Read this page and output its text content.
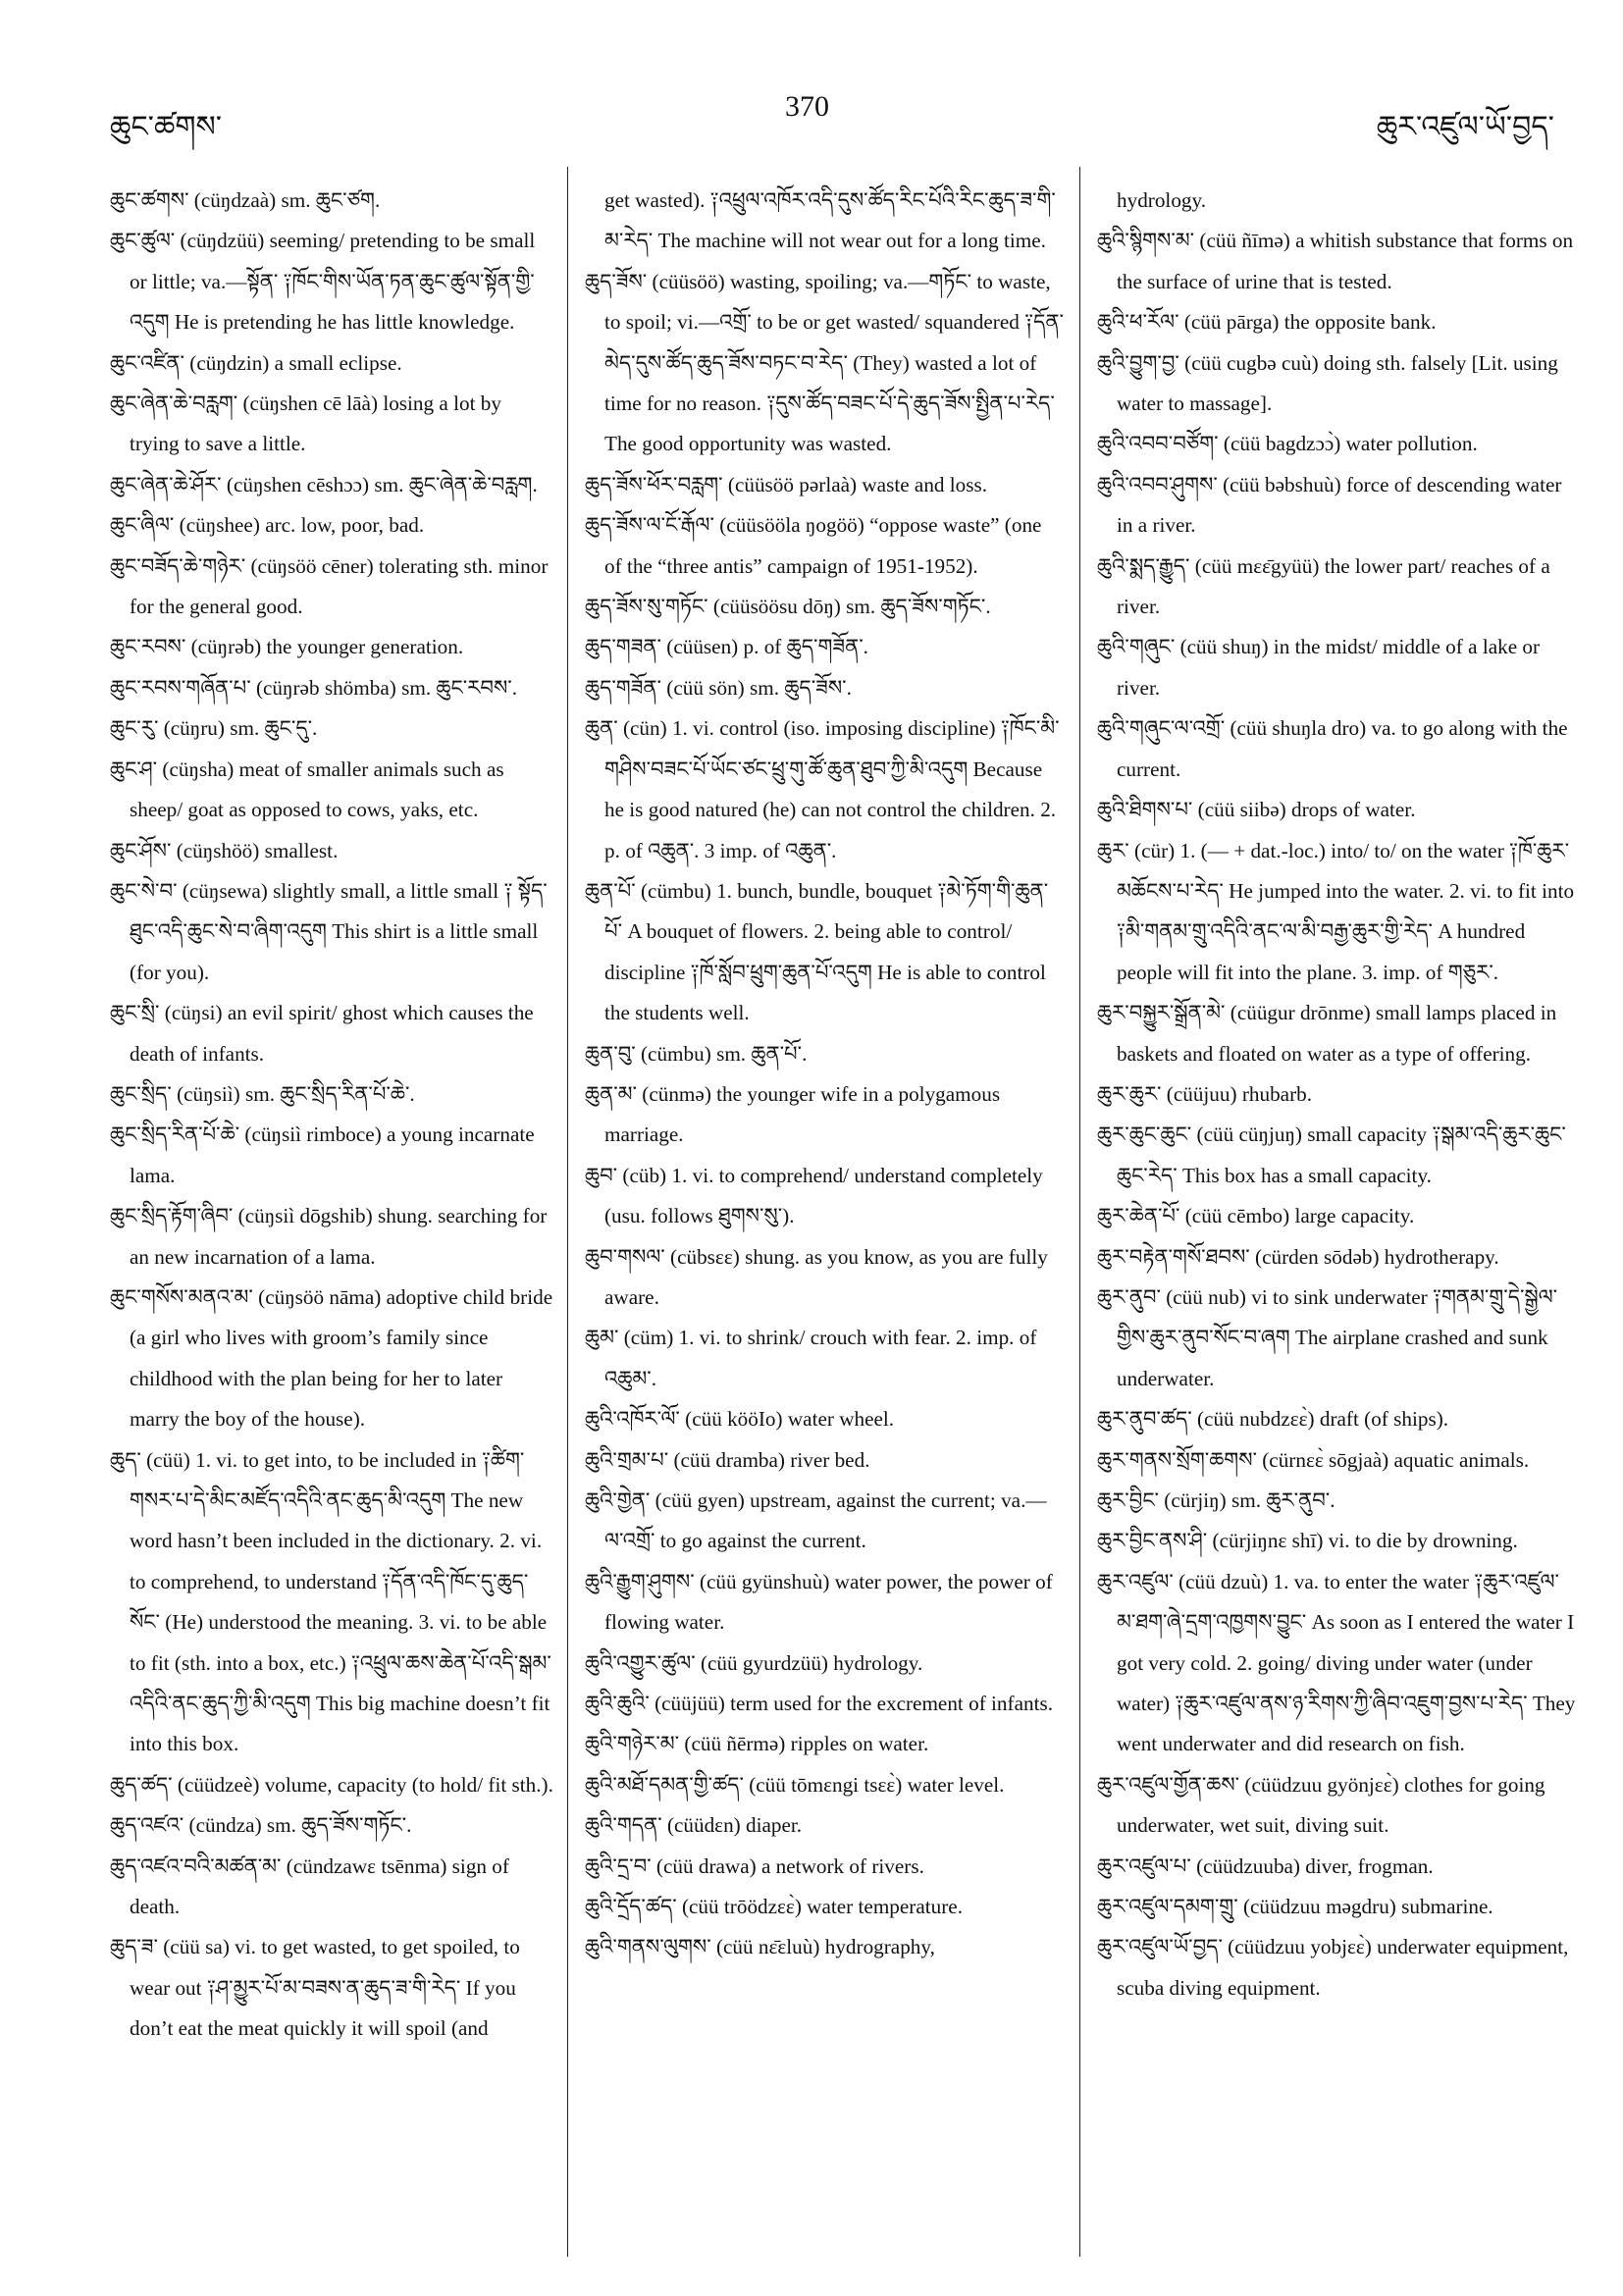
ཆུང་ཚགས་
370
ཆུར་འཛུལ་ཡོ་བྱད་

ཆུང་ཚགས་ (cüŋdzaà) sm. ཆུང་ཙག.

ཆུང་ཚུལ་ (cüŋdzüü) seeming/ pretending to be small or little; va.—སྟོན་ ༑ཁོང་གིས་ཡོན་ཏན་ཆུང་ཚུལ་སྟོན་གྱི་འདུག He is pretending he has little knowledge.

ཆུང་འཛིན་ (cüŋdzin) a small eclipse.

ཆུང་ཞེན་ཆེ་བརླག་ (cüŋshen cē lāà) losing a lot by trying to save a little.

ཆུང་ཞེན་ཆེ་ཤོར་ (cüŋshen cēshɔɔ) sm. ཆུང་ཞེན་ཆེ་བརླག.

ཆུང་ཞིལ་ (cüŋshee) arc. low, poor, bad.

ཆུང་བཟོད་ཆེ་གཉེར་ (cüŋsöö cēner) tolerating sth. minor for the general good.

ཆུང་རབས་ (cüŋrəb) the younger generation.

ཆུང་རབས་གཞོན་པ་ (cüŋrəb shömba) sm. ཆུང་རབས་.

ཆུང་རུ་ (cüŋru) sm. ཆུང་དུ་.

ཆུང་ཤ་ (cüŋsha) meat of smaller animals such as sheep/ goat as opposed to cows, yaks, etc.

ཆུང་ཤོས་ (cüŋshöö) smallest.

ཆུང་སེ་བ་ (cüŋsewa) slightly small, a little small ༑ སྟོད་ཐུང་འདི་ཆུང་སེ་བ་ཞིག་འདུག This shirt is a little small (for you).

ཆུང་སྲི་ (cüŋsi) an evil spirit/ ghost which causes the death of infants.

ཆུང་སྲིད་ (cüŋsiì) sm. ཆུང་སྲིད་རིན་པོ་ཆེ་.

ཆུང་སྲིད་རིན་པོ་ཆེ་ (cüŋsiì rimboce) a young incarnate lama.

ཆུང་སྲིད་རྟོག་ཞིབ་ (cüŋsiì dōgshib) shung. searching for an new incarnation of a lama.

ཆུང་གསོས་མནའ་མ་ (cüŋsöö nāma) adoptive child bride (a girl who lives with groom’s family since childhood with the plan being for her to later marry the boy of the house).

ཆུད་ (cüü) 1. vi. to get into, to be included in ༑ཚིག་གསར་པ་དེ་མིང་མཛོད་འདིའི་ནང་ཆུད་མི་འདུག The new word hasn’t been included in the dictionary. 2. vi. to comprehend, to understand ༑དོན་འདི་ཁོང་དུ་ཆུད་སོང་ (He) understood the meaning. 3. vi. to be able to fit (sth. into a box, etc.) ༑འཕྲུལ་ཆས་ཆེན་པོ་འདི་སྒམ་འདིའི་ནང་ཆུད་ཀྱི་མི་འདུག This big machine doesn’t fit into this box.

ཆུད་ཚད་ (cüüdzeè) volume, capacity (to hold/ fit sth.).

ཆུད་འཛའ་ (cündza) sm. ཆུད་ཟོས་གཏོང་.

ཆུད་འཛའ་བའི་མཚན་མ་ (cündzawɛ tsēnma) sign of death.

ཆུད་ཟ་ (cüü sa) vi. to get wasted, to get spoiled, to wear out ༑ཤ་མྱུར་པོ་མ་བཟས་ན་ཆུད་ཟ་གི་རེད་ If you don’t eat the meat quickly it will spoil (and

get wasted). ༑འཕྲུལ་འཁོར་འདི་དུས་ཚོད་རིང་པོའི་རིང་ཆུད་ཟ་གི་མ་རེད་ The machine will not wear out for a long time.

ཆུད་ཟོས་ (cüüsöö) wasting, spoiling; va.—གཏོང་ to waste, to spoil; vi.—འགྲོ་ to be or get wasted/ squandered ༑དོན་མེད་དུས་ཚོད་ཆུད་ཟོས་བཏང་བ་རེད་ (They) wasted a lot of time for no reason. ༑དུས་ཚོད་བཟང་པོ་དེ་ཆུད་ཟོས་སྤྱིན་པ་རེད་ The good opportunity was wasted.

ཆུད་ཟོས་ཕོར་བརླག་ (cüüsöö pərlaà) waste and loss.

ཆུད་ཟོས་ལ་ངོ་རྒོལ་ (cüüsööla ŋogöö) “oppose waste” (one of the “three antis” campaign of 1951-1952).

ཆུད་ཟོས་སུ་གཏོང་ (cüüsöösu dōŋ) sm. ཆུད་ཟོས་གཏོང་.

ཆུད་གཟན་ (cüüsen) p. of ཆུད་གཟོན་.

ཆུད་གཟོན་ (cüü sön) sm. ཆུད་ཟོས་.

ཆུན་ (cün) 1. vi. control (iso. imposing discipline) ༑ཁོང་མི་གཤིས་བཟང་པོ་ཡོང་ཙང་ཕྲུ་གུ་ཚོ་ཆུན་ཐུབ་ཀྱི་མི་འདུག Because he is good natured (he) can not control the children. 2. p. of འཆུན་. 3 imp. of འཆུན་.

ཆུན་པོ་ (cümbu) 1. bunch, bundle, bouquet ༑མེ་ཏོག་གི་ཆུན་པོ་ A bouquet of flowers. 2. being able to control/ discipline ༑ཁོ་སློབ་ཕྲུག་ཆུན་པོ་འདུག He is able to control the students well.

ཆུན་བུ་ (cümbu) sm. ཆུན་པོ་.

ཆུན་མ་ (cünmə) the younger wife in a polygamous marriage.

ཆུབ་ (cüb) 1. vi. to comprehend/ understand completely (usu. follows ཐུགས་སུ་).

ཆུབ་གསལ་ (cübsɛɛ) shung. as you know, as you are fully aware.

ཆུམ་ (cüm) 1. vi. to shrink/ crouch with fear. 2. imp. of འཆུམ་.

ཆུའི་འཁོར་ལོ་ (cüü kööIo) water wheel.

ཆུའི་གྲམ་པ་ (cüü dramba) river bed.

ཆུའི་གྱེན་ (cüü gyen) upstream, against the current; va.—ལ་འགྲོ་ to go against the current.

ཆུའི་རྒྱུག་ཤུགས་ (cüü gyünshuù) water power, the power of flowing water.

ཆུའི་འགྱུར་ཚུལ་ (cüü gyurdzüü) hydrology.

ཆུའི་ཆུའི་ (cüüjüü) term used for the excrement of infants.

ཆུའི་གཉེར་མ་ (cüü ñērmə) ripples on water.

ཆུའི་མཐོ་དམན་གྱི་ཚད་ (cüü tōmɛngi tsɛɛ̀) water level.

ཆུའི་གདན་ (cüüdɛn) diaper.

ཆུའི་དྲ་བ་ (cüü drawa) a network of rivers.

ཆུའི་དྲོད་ཚད་ (cüü trōödzɛɛ̀) water temperature.

ཆུའི་གནས་ལུགས་ (cüü nɛ̄ɛluù) hydrography,

hydrology.

ཆུའི་སྙིགས་མ་ (cüü ñīmə) a whitish substance that forms on the surface of urine that is tested.

ཆུའི་ཕ་རོལ་ (cüü pārga) the opposite bank.

ཆུའི་བྱུག་བྱ་ (cüü cugbə cuù) doing sth. falsely [Lit. using water to massage].

ཆུའི་འབབ་བཙོག་ (cüü bagdzɔɔ̀) water pollution.

ཆུའི་འབབ་ཤུགས་ (cüü bəbshuù) force of descending water in a river.

ཆུའི་སྨད་རྒྱུད་ (cüü mɛɛ̄gyüü) the lower part/ reaches of a river.

ཆུའི་གཞུང་ (cüü shuŋ) in the midst/ middle of a lake or river.

ཆུའི་གཞུང་ལ་འགྲོ་ (cüü shuŋla dro) va. to go along with the current.

ཆུའི་ཐིགས་པ་ (cüü siibə) drops of water.

ཆུར་ (cür) 1. (— + dat.-loc.) into/ to/ on the water ༑ཁོ་ཆུར་མཆོངས་པ་རེད་ He jumped into the water. 2. vi. to fit into ༑མི་གནམ་གྲུ་འདིའི་ནང་ལ་མི་བརྒྱ་ཆུར་གྱི་རེད་ A hundred people will fit into the plane. 3. imp. of གཅུར་.

ཆུར་བསྐྱུར་སྒྲོན་མེ་ (cüügur drōnme) small lamps placed in baskets and floated on water as a type of offering.

ཆུར་ཆུར་ (cüüjuu) rhubarb.

ཆུར་ཆུང་ཆུང་ (cüü cüŋjuŋ) small capacity ༑སྒམ་འདི་ཆུར་ཆུང་ཆུང་རེད་ This box has a small capacity.

ཆུར་ཆེན་པོ་ (cüü cēmbo) large capacity.

ཆུར་བརྟེན་གསོ་ཐབས་ (cürden sōdəb) hydrotherapy.

ཆུར་ནུབ་ (cüü nub) vi to sink underwater ༑གནམ་གྲུ་དེ་སྒྱེལ་གྱིས་ཆུར་ནུབ་སོང་བ་ཞག The airplane crashed and sunk underwater.

ཆུར་ནུབ་ཚད་ (cüü nubdzɛɛ̀) draft (of ships).

ཆུར་གནས་སྲོག་ཆགས་ (cürnɛɛ̀ sōgjaà) aquatic animals.

ཆུར་བྱིང་ (cürjiŋ) sm. ཆུར་ནུབ་.

ཆུར་བྱིང་ནས་ཤི་ (cürjiŋnɛ shī) vi. to die by drowning.

ཆུར་འཛུལ་ (cüü dzuù) 1. va. to enter the water ༑ཆུར་འཛུལ་མ་ཐག་ཞེ་དྲག་འཁྱགས་བྱུང་ As soon as I entered the water I got very cold. 2. going/ diving under water (under water) ༑ཆུར་འཛུལ་ནས་ཉ་རིགས་ཀྱི་ཞིབ་འཇུག་བྱས་པ་རེད་ They went underwater and did research on fish.

ཆུར་འཛུལ་གྱོན་ཆས་ (cüüdzuu gyönjɛɛ̀) clothes for going underwater, wet suit, diving suit.

ཆུར་འཛུལ་པ་ (cüüdzuuba) diver, frogman.

ཆུར་འཛུལ་དམག་གྲུ་ (cüüdzuu məgdru) submarine.

ཆུར་འཛུལ་ཡོ་བྱད་ (cüüdzuu yobjɛɛ̀) underwater equipment, scuba diving equipment.
